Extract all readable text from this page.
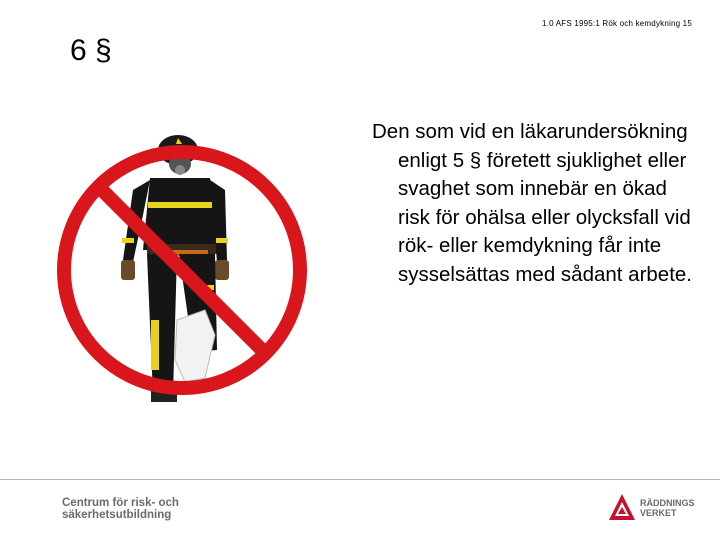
1.0 AFS 1995:1 Rök och kemdykning 15
6 §
01
Den som vid en läkarundersökning enligt 5 § företett sjuklighet eller svaghet som innebär en ökad risk för ohälsa eller olycksfall vid rök- eller kemdykning får inte sysselsättas med sådant arbete.
Centrum för risk- och
säkerhetsutbildning
RÄDDNINGS
VERKET
